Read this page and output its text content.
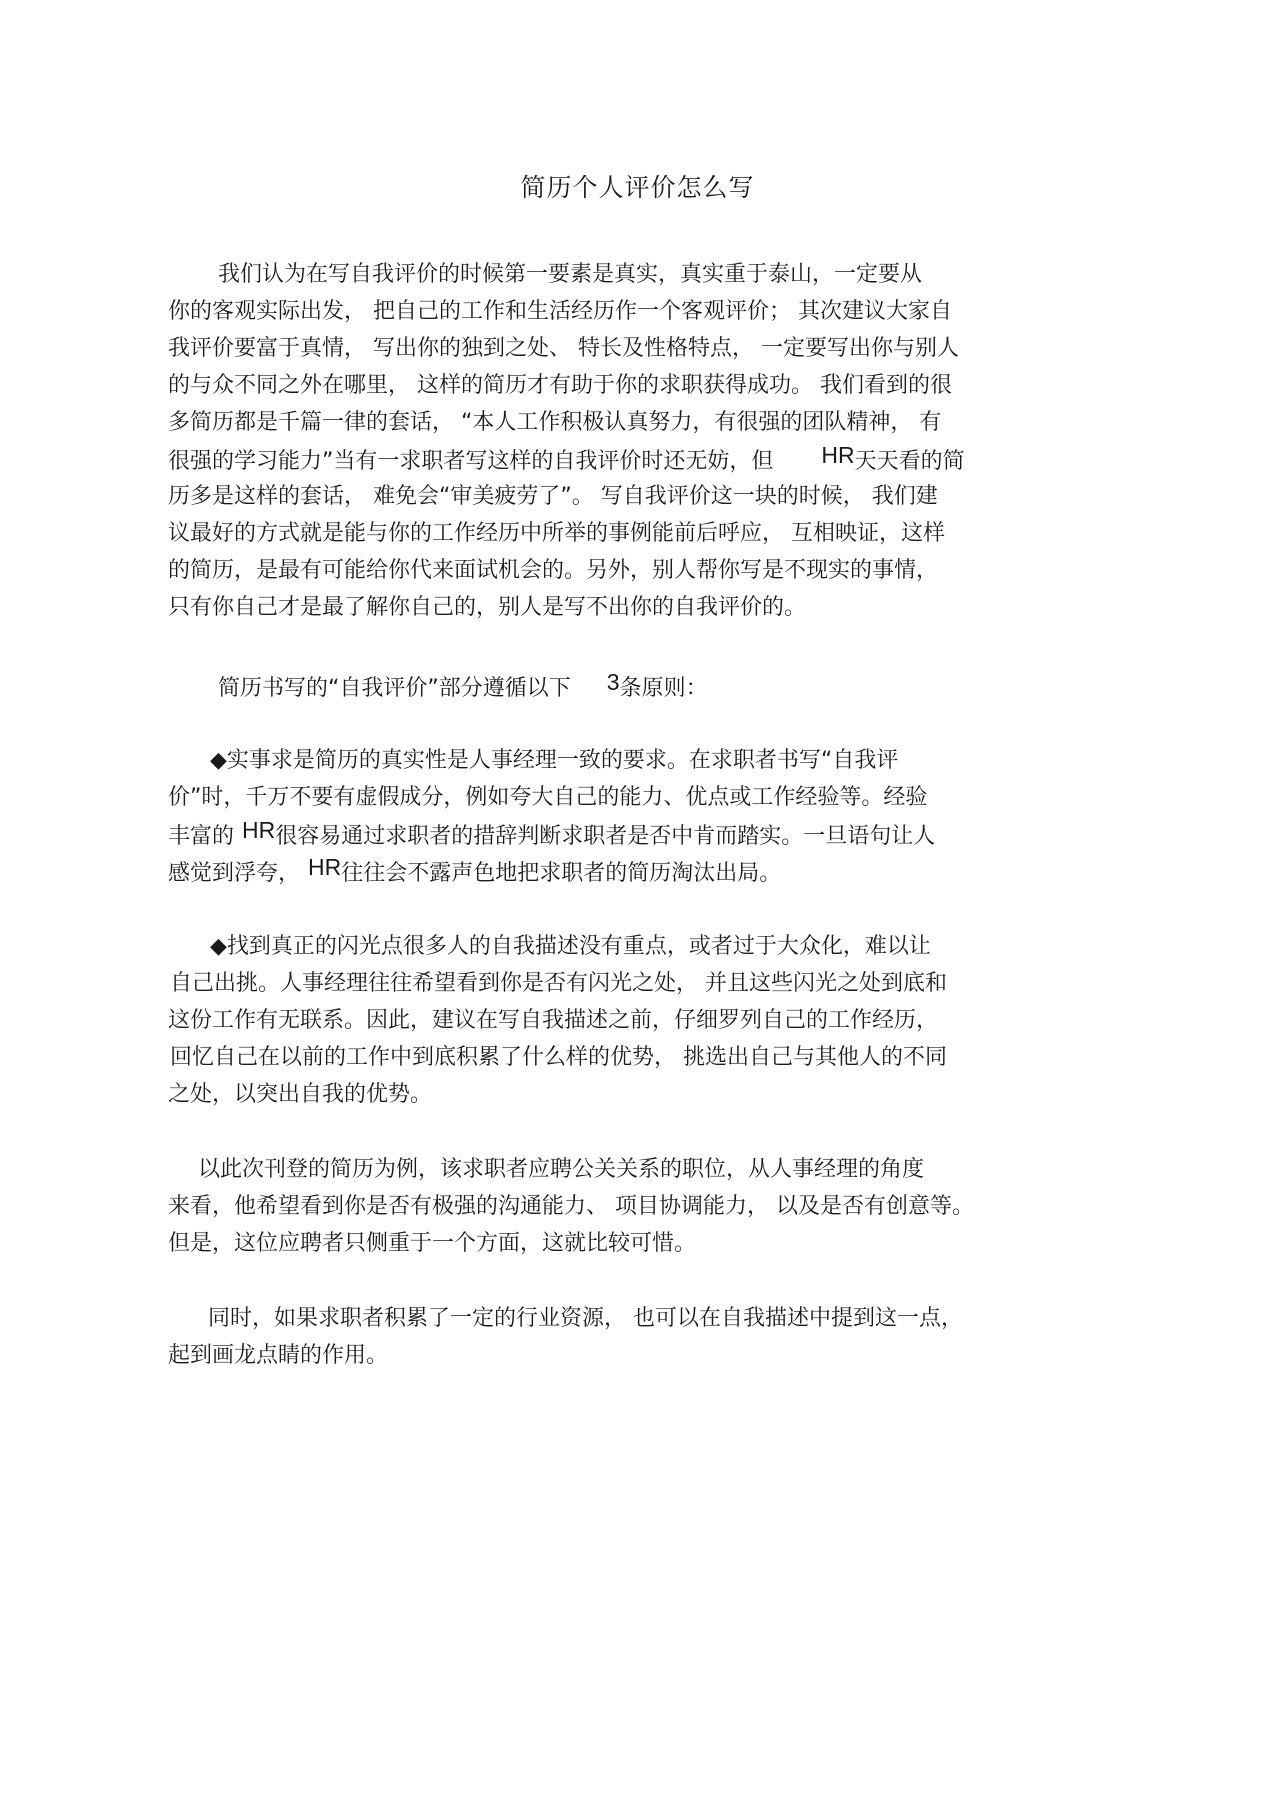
简历个人评价怎么写

我们认为在写自我评价的时候第一要素是真实，真实重于泰山，一定要从

你的客观实际出发， 把自己的工作和生活经历作一个客观评价； 其次建议大家自

我评价要富于真情， 写出你的独到之处、 特长及性格特点， 一定要写出你与别人

的与众不同之外在哪里， 这样的简历才有助于你的求职获得成功。 我们看到的很

多简历都是千篇一律的套话， “本人工作积极认真努力，有很强的团队精神， 有

很强的学习能力”当有一求职者写这样的自我评价时还无妨，但 HR天天看的简

历多是这样的套话， 难免会“审美疲劳了”。 写自我评价这一块的时候， 我们建

议最好的方式就是能与你的工作经历中所举的事例能前后呼应， 互相映证，这样

的简历，是最有可能给你代来面试机会的。另外，别人帮你写是不现实的事情，

只有你自己才是最了解你自己的，别人是写不出你的自我评价的。

简历书写的“自我评价”部分遵循以下 3条原则：

◆实事求是简历的真实性是人事经理一致的要求。在求职者书写“自我评

价”时，千万不要有虚假成分，例如夸大自己的能力、优点或工作经验等。经验

丰富的 HR很容易通过求职者的措辞判断求职者是否中肯而踏实。一旦语句让人

感觉到浮夸， HR往往会不露声色地把求职者的简历淘汰出局。

◆找到真正的闪光点很多人的自我描述没有重点，或者过于大众化，难以让

自己出挑。人事经理往往希望看到你是否有闪光之处， 并且这些闪光之处到底和

这份工作有无联系。因此，建议在写自我描述之前，仔细罗列自己的工作经历，

回忆自己在以前的工作中到底积累了什么样的优势， 挑选出自己与其他人的不同

之处，以突出自我的优势。

以此次刊登的简历为例，该求职者应聘公关关系的职位，从人事经理的角度

来看，他希望看到你是否有极强的沟通能力、 项目协调能力， 以及是否有创意等。

但是，这位应聘者只侧重于一个方面，这就比较可惜。

同时，如果求职者积累了一定的行业资源， 也可以在自我描述中提到这一点，

起到画龙点睛的作用。
